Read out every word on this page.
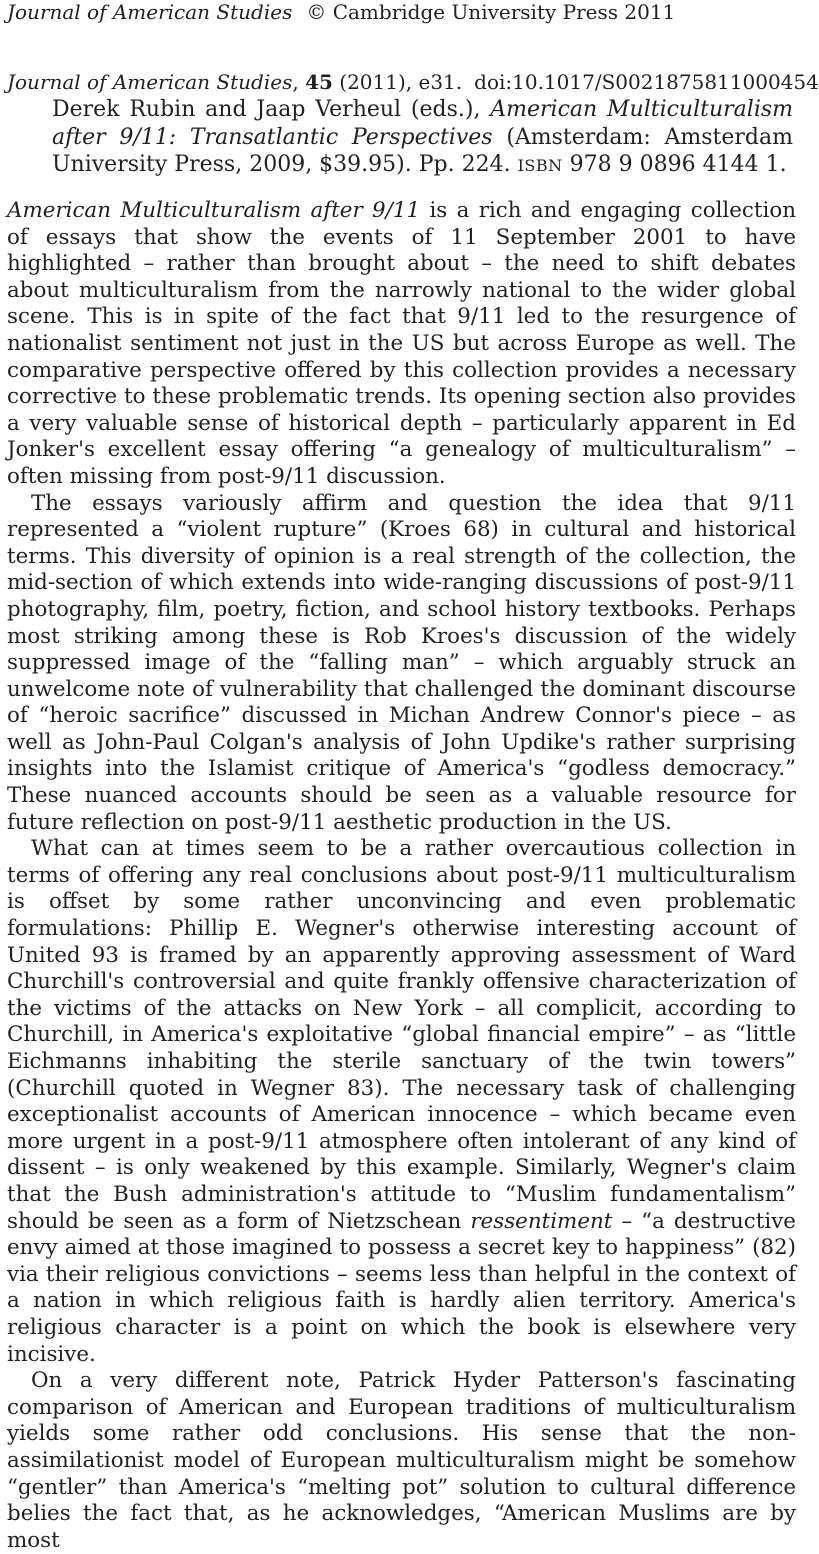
Journal of American Studies © Cambridge University Press 2011
Journal of American Studies, 45 (2011), e31. doi:10.1017/S0021875811000454
Derek Rubin and Jaap Verheul (eds.), American Multiculturalism after 9/11: Transatlantic Perspectives (Amsterdam: Amsterdam University Press, 2009, $39.95). Pp. 224. ISBN 978 9 0896 4144 1.

American Multiculturalism after 9/11 is a rich and engaging collection of essays that show the events of 11 September 2001 to have highlighted – rather than brought about – the need to shift debates about multiculturalism from the narrowly national to the wider global scene. This is in spite of the fact that 9/11 led to the resurgence of nationalist sentiment not just in the US but across Europe as well. The comparative perspective offered by this collection provides a necessary corrective to these problematic trends. Its opening section also provides a very valuable sense of historical depth – particularly apparent in Ed Jonker's excellent essay offering “a genealogy of multiculturalism” – often missing from post-9/11 discussion.

The essays variously affirm and question the idea that 9/11 represented a “violent rupture” (Kroes 68) in cultural and historical terms. This diversity of opinion is a real strength of the collection, the mid-section of which extends into wide-ranging discussions of post-9/11 photography, film, poetry, fiction, and school history textbooks. Perhaps most striking among these is Rob Kroes's discussion of the widely suppressed image of the “falling man” – which arguably struck an unwelcome note of vulnerability that challenged the dominant discourse of “heroic sacrifice” discussed in Michan Andrew Connor's piece – as well as John-Paul Colgan's analysis of John Updike's rather surprising insights into the Islamist critique of America's “godless democracy.” These nuanced accounts should be seen as a valuable resource for future reflection on post-9/11 aesthetic production in the US.

What can at times seem to be a rather overcautious collection in terms of offering any real conclusions about post-9/11 multiculturalism is offset by some rather unconvincing and even problematic formulations: Phillip E. Wegner's otherwise interesting account of United 93 is framed by an apparently approving assessment of Ward Churchill's controversial and quite frankly offensive characterization of the victims of the attacks on New York – all complicit, according to Churchill, in America's exploitative “global financial empire” – as “little Eichmanns inhabiting the sterile sanctuary of the twin towers” (Churchill quoted in Wegner 83). The necessary task of challenging exceptionalist accounts of American innocence – which became even more urgent in a post-9/11 atmosphere often intolerant of any kind of dissent – is only weakened by this example. Similarly, Wegner's claim that the Bush administration's attitude to “Muslim fundamentalism” should be seen as a form of Nietzschean ressentiment – “a destructive envy aimed at those imagined to possess a secret key to happiness” (82) via their religious convictions – seems less than helpful in the context of a nation in which religious faith is hardly alien territory. America's religious character is a point on which the book is elsewhere very incisive.

On a very different note, Patrick Hyder Patterson's fascinating comparison of American and European traditions of multiculturalism yields some rather odd conclusions. His sense that the non-assimilationist model of European multiculturalism might be somehow “gentler” than America's “melting pot” solution to cultural difference belies the fact that, as he acknowledges, “American Muslims are by most
